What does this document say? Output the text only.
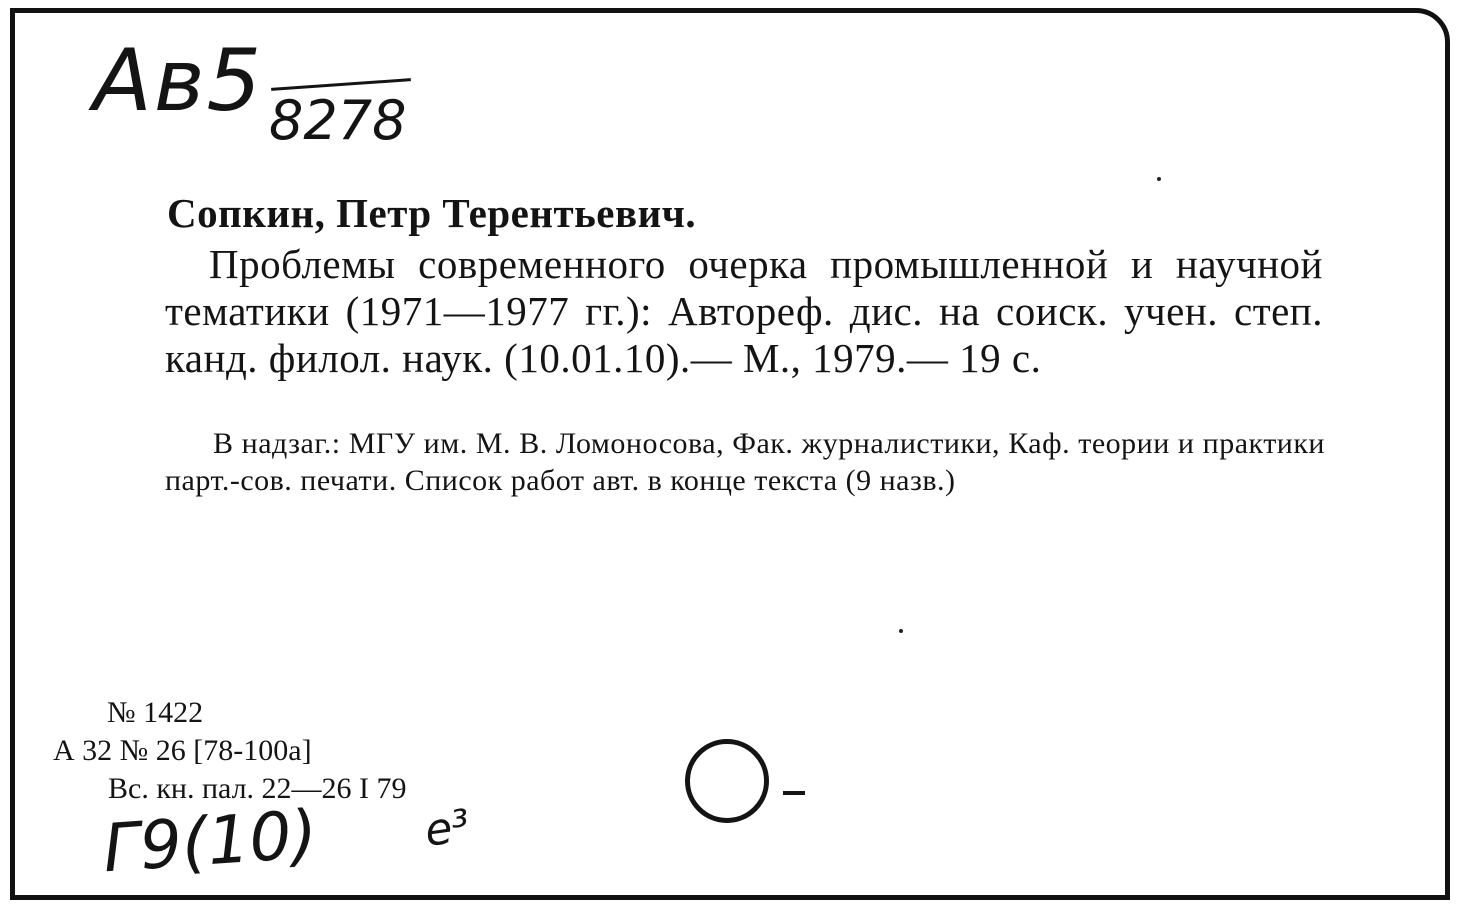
Ав5 8278
Сопкин, Петр Терентьевич.
Проблемы современного очерка промышленной и научной тематики (1971—1977 гг.): Автореф. дис. на соиск. учен. степ. канд. филол. наук. (10.01.10).— М., 1979.— 19 с.
В надзаг.: МГУ им. М. В. Ломоносова, Фак. журналистики, Каф. теории и практики парт.-сов. печати. Список работ авт. в конце текста (9 назв.)
№ 1422
А 32 № 26 [78-100а]
Вс. кн. пал. 22—26 I 79
Г9(10) е³
